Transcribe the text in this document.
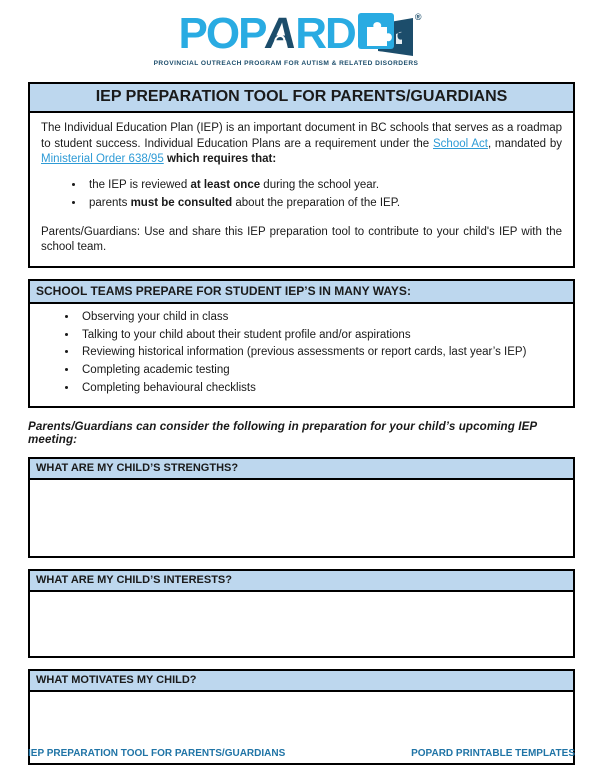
POP
A
RD	®
PROVINCIAL OUTREACH PROGRAM FOR AUTISM & RELATED DISORDERS
IEP PREPARATION TOOL FOR PARENTS/GUARDIANS

The Individual Education Plan (IEP) is an important document in BC schools that serves as a roadmap to student success. Individual Education Plans are a requirement under the School Act, mandated by Ministerial Order 638/95 which requires that:

• the IEP is reviewed at least once during the school year.
• parents must be consulted about the preparation of the IEP.

Parents/Guardians: Use and share this IEP preparation tool to contribute to your child's IEP with the school team.

SCHOOL TEAMS PREPARE FOR STUDENT IEP’S IN MANY WAYS:
• Observing your child in class
• Talking to your child about their student profile and/or aspirations
• Reviewing historical information (previous assessments or report cards, last year’s IEP)
• Completing academic testing
• Completing behavioural checklists
Parents/Guardians can consider the following in preparation for your child’s upcoming IEP meeting:
WHAT ARE MY CHILD’S STRENGTHS?
WHAT ARE MY CHILD’S INTERESTS?
WHAT MOTIVATES MY CHILD?
IEP PREPARATION TOOL FOR PARENTS/GUARDIANS	POPARD PRINTABLE TEMPLATES
